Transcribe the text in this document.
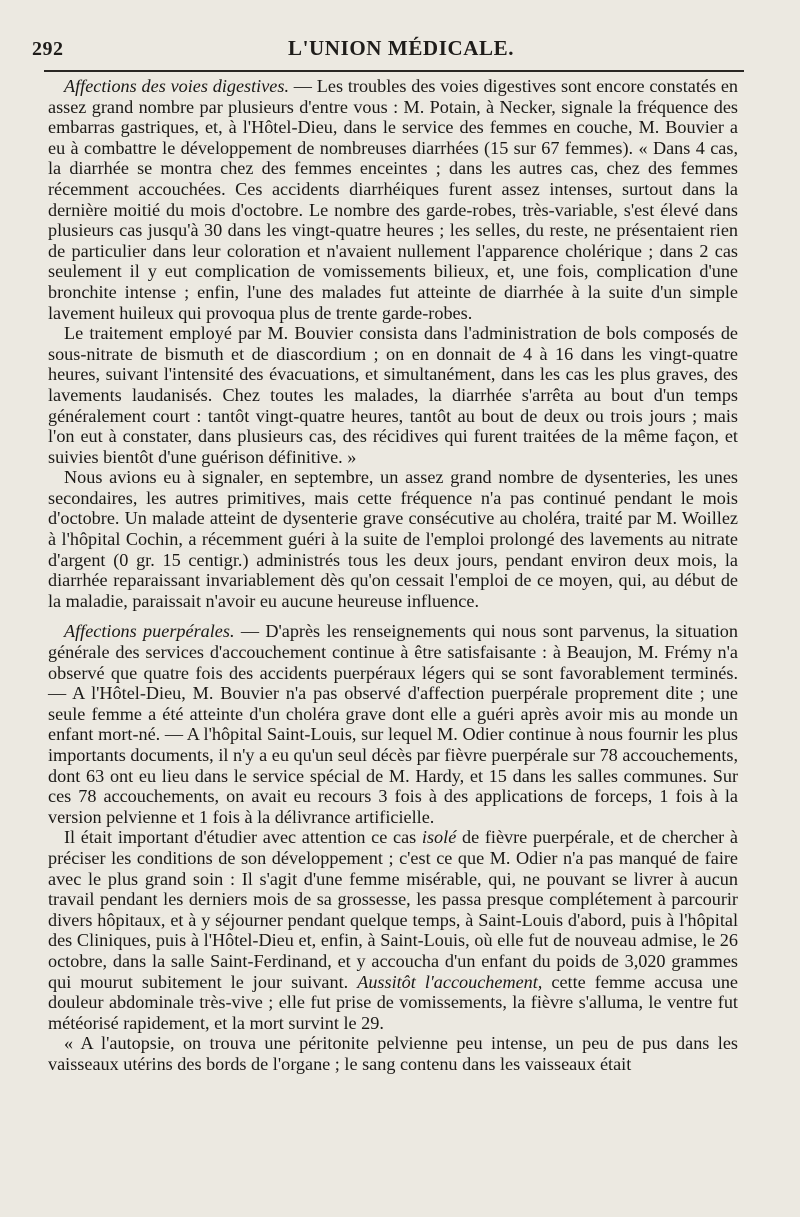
292	L'UNION MÉDICALE.

Affections des voies digestives. — Les troubles des voies digestives sont encore constatés en assez grand nombre par plusieurs d'entre vous : M. Potain, à Necker, signale la fréquence des embarras gastriques, et, à l'Hôtel-Dieu, dans le service des femmes en couche, M. Bouvier a eu à combattre le développement de nombreuses diarrhées (15 sur 67 femmes). « Dans 4 cas, la diarrhée se montra chez des femmes enceintes ; dans les autres cas, chez des femmes récemment accouchées. Ces accidents diarrhéiques furent assez intenses, surtout dans la dernière moitié du mois d'octobre. Le nombre des garde-robes, très-variable, s'est élevé dans plusieurs cas jusqu'à 30 dans les vingt-quatre heures ; les selles, du reste, ne présentaient rien de particulier dans leur coloration et n'avaient nullement l'apparence cholérique ; dans 2 cas seulement il y eut complication de vomissements bilieux, et, une fois, complication d'une bronchite intense ; enfin, l'une des malades fut atteinte de diarrhée à la suite d'un simple lavement huileux qui provoqua plus de trente garde-robes.

Le traitement employé par M. Bouvier consista dans l'administration de bols composés de sous-nitrate de bismuth et de diascordium ; on en donnait de 4 à 16 dans les vingt-quatre heures, suivant l'intensité des évacuations, et simultanément, dans les cas les plus graves, des lavements laudanisés. Chez toutes les malades, la diarrhée s'arrêta au bout d'un temps généralement court : tantôt vingt-quatre heures, tantôt au bout de deux ou trois jours ; mais l'on eut à constater, dans plusieurs cas, des récidives qui furent traitées de la même façon, et suivies bientôt d'une guérison définitive. »

Nous avions eu à signaler, en septembre, un assez grand nombre de dysenteries, les unes secondaires, les autres primitives, mais cette fréquence n'a pas continué pendant le mois d'octobre. Un malade atteint de dysenterie grave consécutive au choléra, traité par M. Woillez à l'hôpital Cochin, a récemment guéri à la suite de l'emploi prolongé des lavements au nitrate d'argent (0 gr. 15 centigr.) administrés tous les deux jours, pendant environ deux mois, la diarrhée reparaissant invariablement dès qu'on cessait l'emploi de ce moyen, qui, au début de la maladie, paraissait n'avoir eu aucune heureuse influence.

Affections puerpérales. — D'après les renseignements qui nous sont parvenus, la situation générale des services d'accouchement continue à être satisfaisante : à Beaujon, M. Frémy n'a observé que quatre fois des accidents puerpéraux légers qui se sont favorablement terminés. — A l'Hôtel-Dieu, M. Bouvier n'a pas observé d'affection puerpérale proprement dite ; une seule femme a été atteinte d'un choléra grave dont elle a guéri après avoir mis au monde un enfant mort-né. — A l'hôpital Saint-Louis, sur lequel M. Odier continue à nous fournir les plus importants documents, il n'y a eu qu'un seul décès par fièvre puerpérale sur 78 accouchements, dont 63 ont eu lieu dans le service spécial de M. Hardy, et 15 dans les salles communes. Sur ces 78 accouchements, on avait eu recours 3 fois à des applications de forceps, 1 fois à la version pelvienne et 1 fois à la délivrance artificielle.

Il était important d'étudier avec attention ce cas isolé de fièvre puerpérale, et de chercher à préciser les conditions de son développement ; c'est ce que M. Odier n'a pas manqué de faire avec le plus grand soin : Il s'agit d'une femme misérable, qui, ne pouvant se livrer à aucun travail pendant les derniers mois de sa grossesse, les passa presque complétement à parcourir divers hôpitaux, et à y séjourner pendant quelque temps, à Saint-Louis d'abord, puis à l'hôpital des Cliniques, puis à l'Hôtel-Dieu et, enfin, à Saint-Louis, où elle fut de nouveau admise, le 26 octobre, dans la salle Saint-Ferdinand, et y accoucha d'un enfant du poids de 3,020 grammes qui mourut subitement le jour suivant. Aussitôt l'accouchement, cette femme accusa une douleur abdominale très-vive ; elle fut prise de vomissements, la fièvre s'alluma, le ventre fut météorisé rapidement, et la mort survint le 29.

« A l'autopsie, on trouva une péritonite pelvienne peu intense, un peu de pus dans les vaisseaux utérins des bords de l'organe ; le sang contenu dans les vaisseaux était
